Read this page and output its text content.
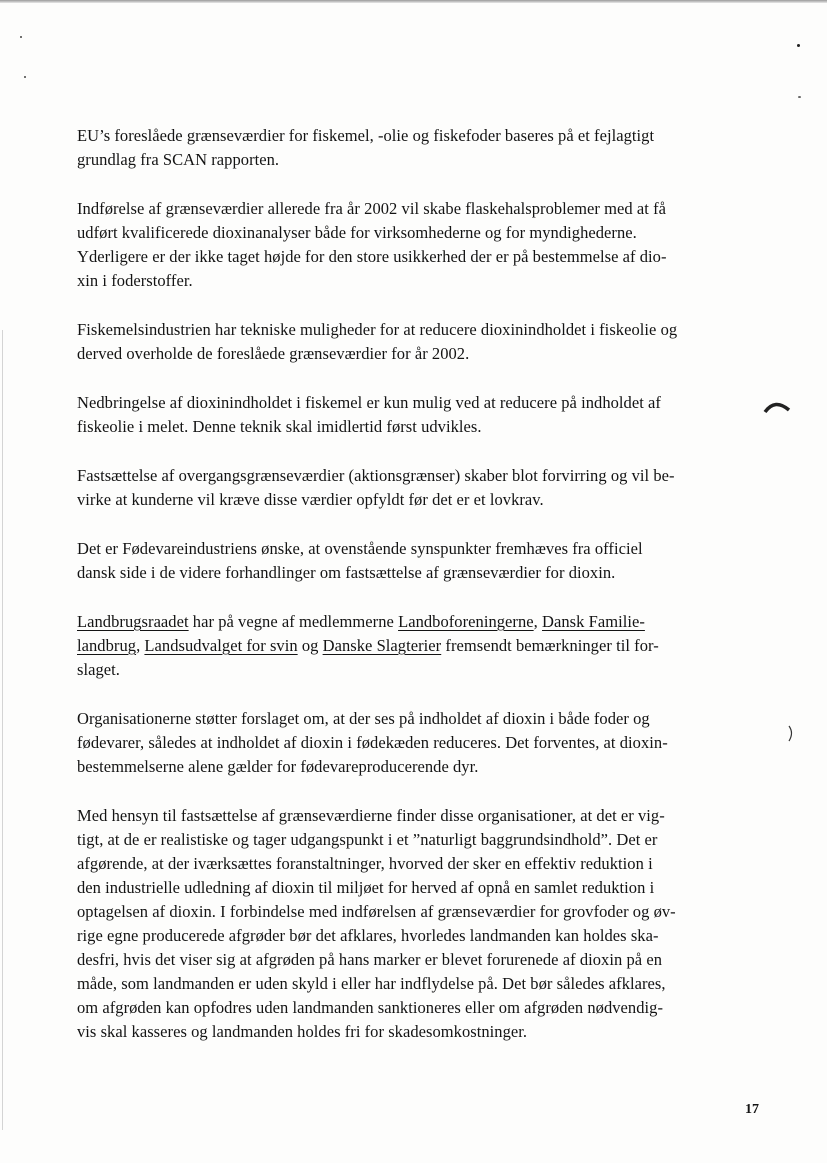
EU’s foreslåede grænseværdier for fiskemel, -olie og fiskefoder baseres på et fejlagtigt
grundlag fra SCAN rapporten.

Indførelse af grænseværdier allerede fra år 2002 vil skabe flaskehalsproblemer med at få
udført kvalificerede dioxinanalyser både for virksomhederne og for myndighederne.
Yderligere er der ikke taget højde for den store usikkerhed der er på bestemmelse af dio-
xin i foderstoffer.

Fiskemelsindustrien har tekniske muligheder for at reducere dioxinindholdet i fiskeolie og
derved overholde de foreslåede grænseværdier for år 2002.

Nedbringelse af dioxinindholdet i fiskemel er kun mulig ved at reducere på indholdet af
fiskeolie i melet. Denne teknik skal imidlertid først udvikles.

Fastsættelse af overgangsgrænseværdier (aktionsgrænser) skaber blot forvirring og vil be-
virke at kunderne vil kræve disse værdier opfyldt før det er et lovkrav.

Det er Fødevareindustriens ønske, at ovenstående synspunkter fremhæves fra officiel
dansk side i de videre forhandlinger om fastsættelse af grænseværdier for dioxin.

Landbrugsraadet har på vegne af medlemmerne Landboforeningerne, Dansk Familie-
landbrug, Landsudvalget for svin og Danske Slagterier fremsendt bemærkninger til for-
slaget.

Organisationerne støtter forslaget om, at der ses på indholdet af dioxin i både foder og
fødevarer, således at indholdet af dioxin i fødekæden reduceres. Det forventes, at dioxin-
bestemmelserne alene gælder for fødevareproducerende dyr.

Med hensyn til fastsættelse af grænseværdierne finder disse organisationer, at det er vig-
tigt, at de er realistiske og tager udgangspunkt i et ”naturligt baggrundsindhold”. Det er
afgørende, at der iværksættes foranstaltninger, hvorved der sker en effektiv reduktion i
den industrielle udledning af dioxin til miljøet for herved af opnå en samlet reduktion i
optagelsen af dioxin. I forbindelse med indførelsen af grænseværdier for grovfoder og øv-
rige egne producerede afgrøder bør det afklares, hvorledes landmanden kan holdes ska-
desfri, hvis det viser sig at afgrøden på hans marker er blevet forurenede af dioxin på en
måde, som landmanden er uden skyld i eller har indflydelse på. Det bør således afklares,
om afgrøden kan opfodres uden landmanden sanktioneres eller om afgrøden nødvendig-
vis skal kasseres og landmanden holdes fri for skadesomkostninger.

17
